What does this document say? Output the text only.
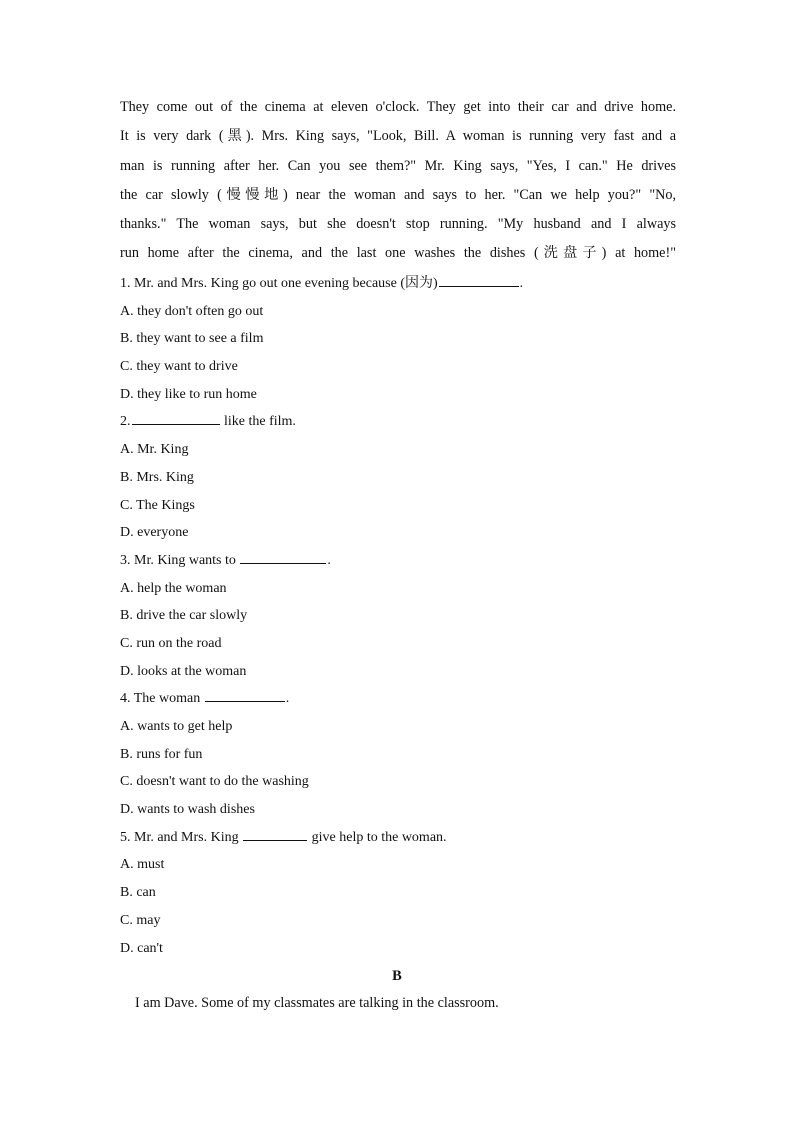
They come out of the cinema at eleven o'clock. They get into their car and drive home.
It is very dark (黑). Mrs. King says, "Look, Bill. A woman is running very fast and a
man is running after her. Can you see them?" Mr. King says, "Yes, I can." He drives
the car slowly (慢慢地) near the woman and says to her. "Can we help you?" "No,
thanks." The woman says, but she doesn't stop running. "My husband and I always
run home after the cinema, and the last one washes the dishes (洗盘子) at home!"
1. Mr. and Mrs. King go out one evening because (因为)	.
A. they don't often go out
B. they want to see a film
C. they want to drive
D. they like to run home
2.	like the film.
A. Mr. King
B. Mrs. King
C. The Kings
D. everyone
3. Mr. King wants to	.
A. help the woman
B. drive the car slowly
C. run on the road
D. looks at the woman
4. The woman	.
A. wants to get help
B. runs for fun
C. doesn't want to do the washing
D. wants to wash dishes
5. Mr. and Mrs. King	give help to the woman.
A. must
B. can
C. may
D. can't
B
I am Dave. Some of my classmates are talking in the classroom.
